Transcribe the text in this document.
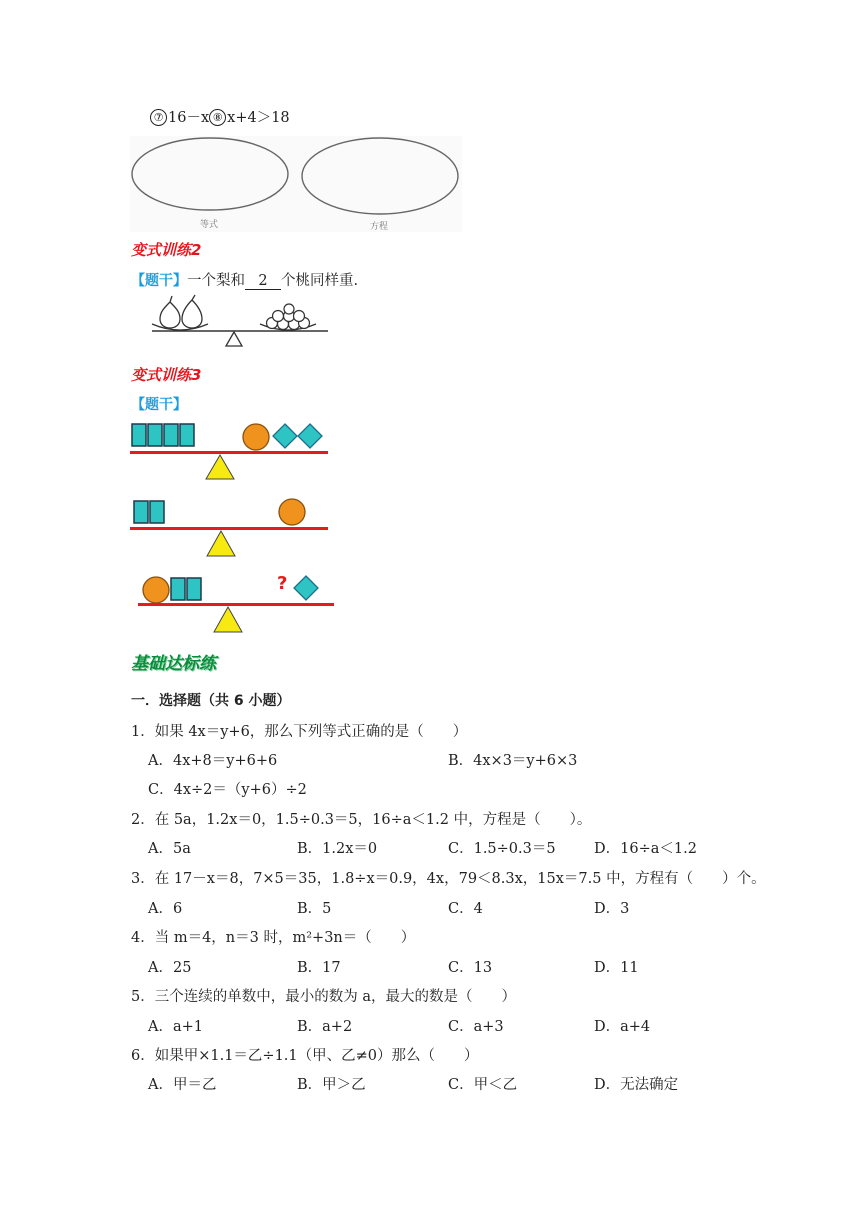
⑦ 16－x ⑧ x+4＞18
等式	方程
变式训练2
【题干】一个梨和 2 个桃同样重.
变式训练3
【题干】
?
基础达标练
一．选择题（共 6 小题）
1．如果 4x＝y+6，那么下列等式正确的是（　　）
A．4x+8＝y+6+6	B．4x×3＝y+6×3
C．4x÷2＝（y+6）÷2
2．在 5a，1.2x＝0，1.5÷0.3＝5，16÷a＜1.2 中，方程是（　　）。
A．5a	B．1.2x＝0	C．1.5÷0.3＝5	D．16÷a＜1.2
3．在 17－x＝8，7×5＝35，1.8÷x＝0.9，4x，79＜8.3x，15x＝7.5 中，方程有（　　）个。
A．6	B．5	C．4	D．3
4．当 m＝4，n＝3 时，m²+3n＝（　　）
A．25	B．17	C．13	D．11
5．三个连续的单数中，最小的数为 a，最大的数是（　　）
A．a+1	B．a+2	C．a+3	D．a+4
6．如果甲×1.1＝乙÷1.1（甲、乙≠0）那么（　　）
A．甲＝乙	B．甲＞乙	C．甲＜乙	D．无法确定
